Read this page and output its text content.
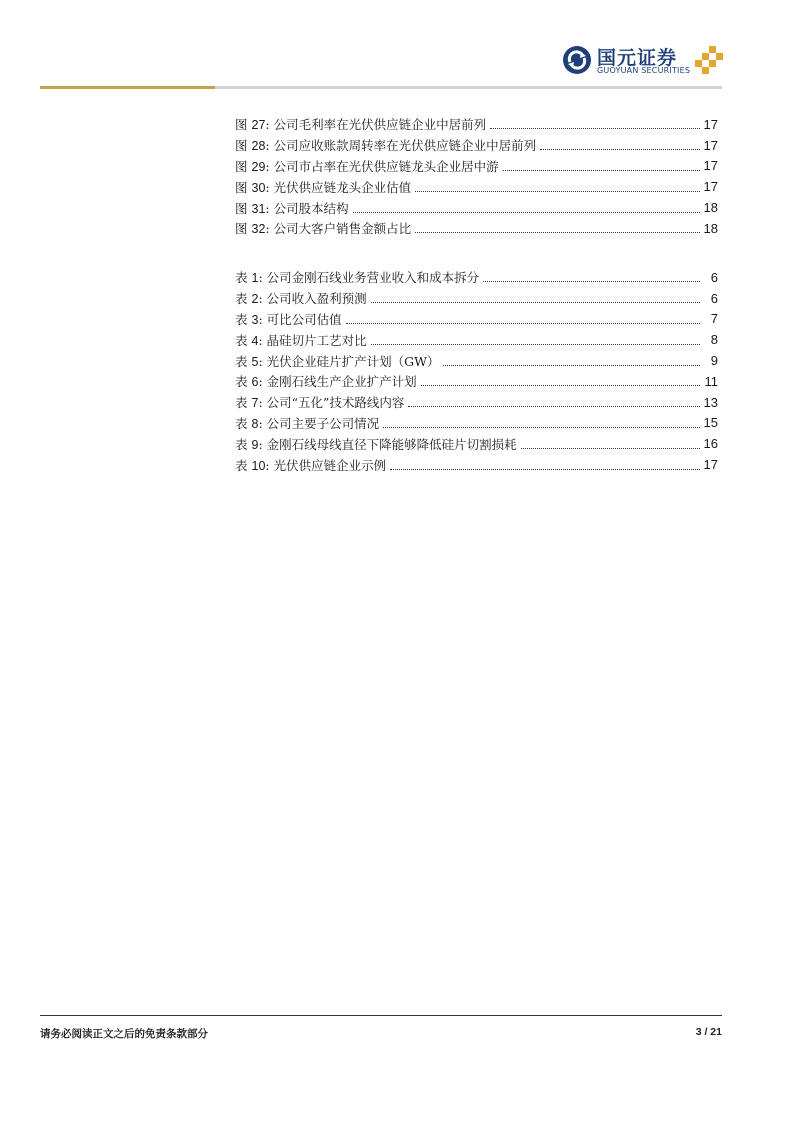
国元证券
GUOYUAN SECURITIES
图 27: 公司毛利率在光伏供应链企业中居前列	17
图 28: 公司应收账款周转率在光伏供应链企业中居前列	17
图 29: 公司市占率在光伏供应链龙头企业居中游	17
图 30: 光伏供应链龙头企业估值	17
图 31: 公司股本结构	18
图 32: 公司大客户销售金额占比	18
表 1: 公司金刚石线业务营业收入和成本拆分	6
表 2: 公司收入盈利预测	6
表 3: 可比公司估值	7
表 4: 晶硅切片工艺对比	8
表 5: 光伏企业硅片扩产计划（GW）	9
表 6: 金刚石线生产企业扩产计划	11
表 7: 公司“五化”技术路线内容	13
表 8: 公司主要子公司情况	15
表 9: 金刚石线母线直径下降能够降低硅片切割损耗	16
表 10: 光伏供应链企业示例	17
请务必阅读正文之后的免责条款部分	3 / 21
